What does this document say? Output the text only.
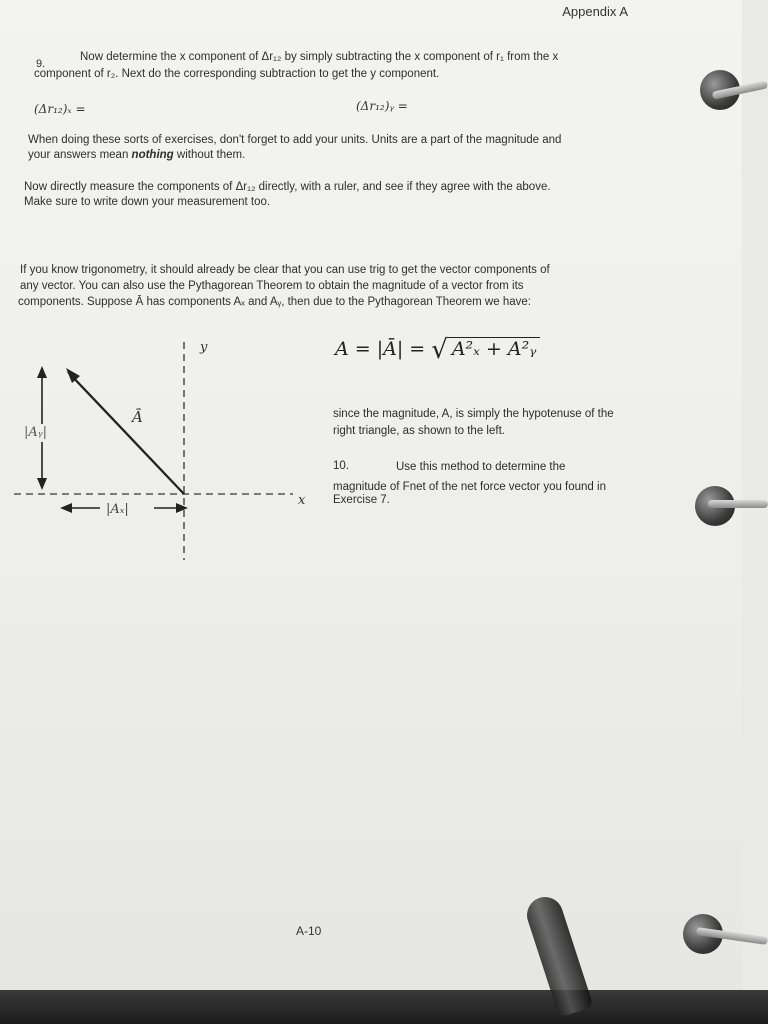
Appendix A
9.
Now determine the x component of Δr₁₂ by simply subtracting the x component of r₁ from the x
component of r₂. Next do the corresponding subtraction to get the y component.
(Δr₁₂)ₓ =	(Δr₁₂)ᵧ =
When doing these sorts of exercises, don't forget to add your units. Units are a part of the magnitude and
your answers mean nothing without them.
Now directly measure the components of Δr₁₂ directly, with a ruler, and see if they agree with the above.
Make sure to write down your measurement too.
If you know trigonometry, it should already be clear that you can use trig to get the vector components of
any vector. You can also use the Pythagorean Theorem to obtain the magnitude of a vector from its
components. Suppose Ā has components Aₓ and Aᵧ, then due to the Pythagorean Theorem we have:
A = |Ā| = √ A²ₓ + A²ᵧ
y
x
Ā
|Aᵧ|
|Aₓ|
since the magnitude, A, is simply the hypotenuse of the
right triangle, as shown to the left.
10.	Use this method to determine the
magnitude of Fnet of the net force vector you found in
Exercise 7.
A-10
